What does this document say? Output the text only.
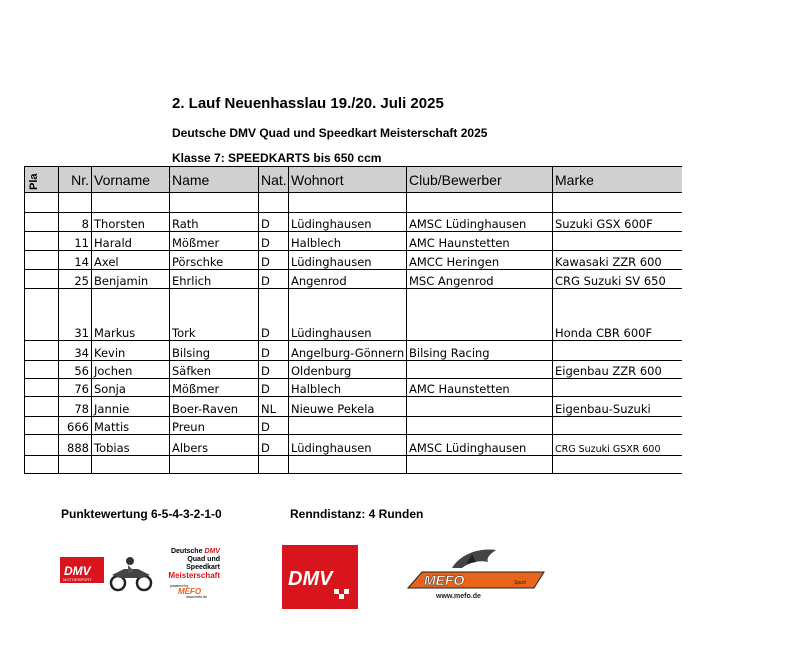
2. Lauf Neuenhasslau 19./20. Juli 2025
Deutsche DMV Quad und Speedkart Meisterschaft 2025
Klasse 7: SPEEDKARTS bis 650 ccm
Pla	Nr.	Vorname	Name	Nat.	Wohnort	Club/Bewerber	Marke

	8	Thorsten	Rath	D	Lüdinghausen	AMSC Lüdinghausen	Suzuki GSX 600F
	11	Harald	Mößmer	D	Halblech	AMC Haunstetten	
	14	Axel	Pörschke	D	Lüdinghausen	AMCC Heringen	Kawasaki ZZR 600
	25	Benjamin	Ehrlich	D	Angenrod	MSC Angenrod	CRG Suzuki SV 650
	31	Markus	Tork	D	Lüdinghausen		Honda CBR 600F
	34	Kevin	Bilsing	D	Angelburg-Gönnern	Bilsing Racing	
	56	Jochen	Säfken	D	Oldenburg		Eigenbau ZZR 600
	76	Sonja	Mößmer	D	Halblech	AMC Haunstetten	
	78	Jannie	Boer-Raven	NL	Nieuwe Pekela		Eigenbau-Suzuki
	666	Mattis	Preun	D			
	888	Tobias	Albers	D	Lüdinghausen	AMSC Lüdinghausen	CRG Suzuki GSXR 600

Punktewertung 6-5-4-3-2-1-0	Renndistanz: 4 Runden
DMV
MOTORSPORT
Deutsche DMV
Quad und
Speedkart
Meisterschaft
powered by
MEFO
www.mefo.de
DMV	MEFO	Sport
www.mefo.de
